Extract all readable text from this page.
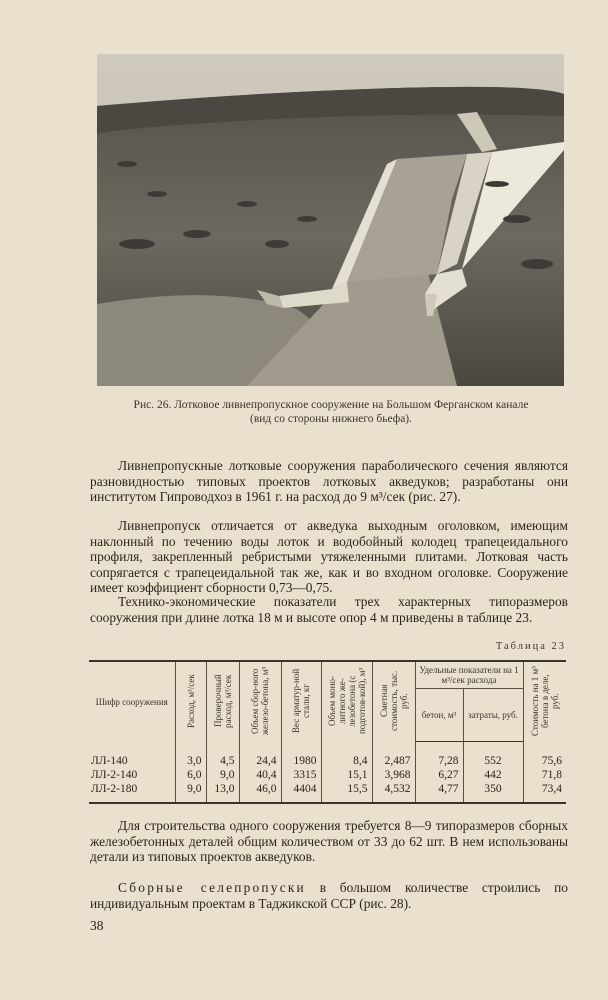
Рис. 26. Лотковое ливнепропускное сооружение на Большом Ферганском канале
(вид со стороны нижнего бьефа).

Ливнепропускные лотковые сооружения параболического сечения являются разновидностью типовых проектов лотковых акведуков; разработаны они институтом Гипроводхоз в 1961 г. на расход до 9 м³/сек (рис. 27).

Ливнепропуск отличается от акведука выходным оголовком, имеющим наклонный по течению воды лоток и водобойный колодец трапецеидального профиля, закрепленный ребристыми утяжеленными плитами. Лотковая часть сопрягается с трапецеидальной так же, как и во входном оголовке. Сооружение имеет коэффициент сборности 0,73—0,75.

Технико-экономические показатели трех характерных типоразмеров сооружения при длине лотка 18 м и высоте опор 4 м приведены в таблице 23.

Таблица 23
Шифр сооружения	Расход, м³/сек	Проверочный расход, м³/сек	Объем сбор-ного железо-бетона, м³	Вес арматур-ной стали, кг	Объем моно-литного же-лезобетона (с подготов-кой), м³	Сметная стоимость, тыс. руб.	Удельные показатели на 1 м³/сек расхода		Стоимость на 1 м³ бетона в деле, руб.
							бетон, м³	затраты, руб.	
ЛЛ-140	3,0	4,5	24,4	1980	8,4	2,487	7,28	552	75,6
ЛЛ-2-140	6,0	9,0	40,4	3315	15,1	3,968	6,27	442	71,8
ЛЛ-2-180	9,0	13,0	46,0	4404	15,5	4,532	4,77	350	73,4

Для строительства одного сооружения требуется 8—9 типоразмеров сборных железобетонных деталей общим количеством от 33 до 62 шт. В нем использованы детали из типовых проектов акведуков.

Сборные селепропуски в большом количестве строились по индивидуальным проектам в Таджикской ССР (рис. 28).

38
